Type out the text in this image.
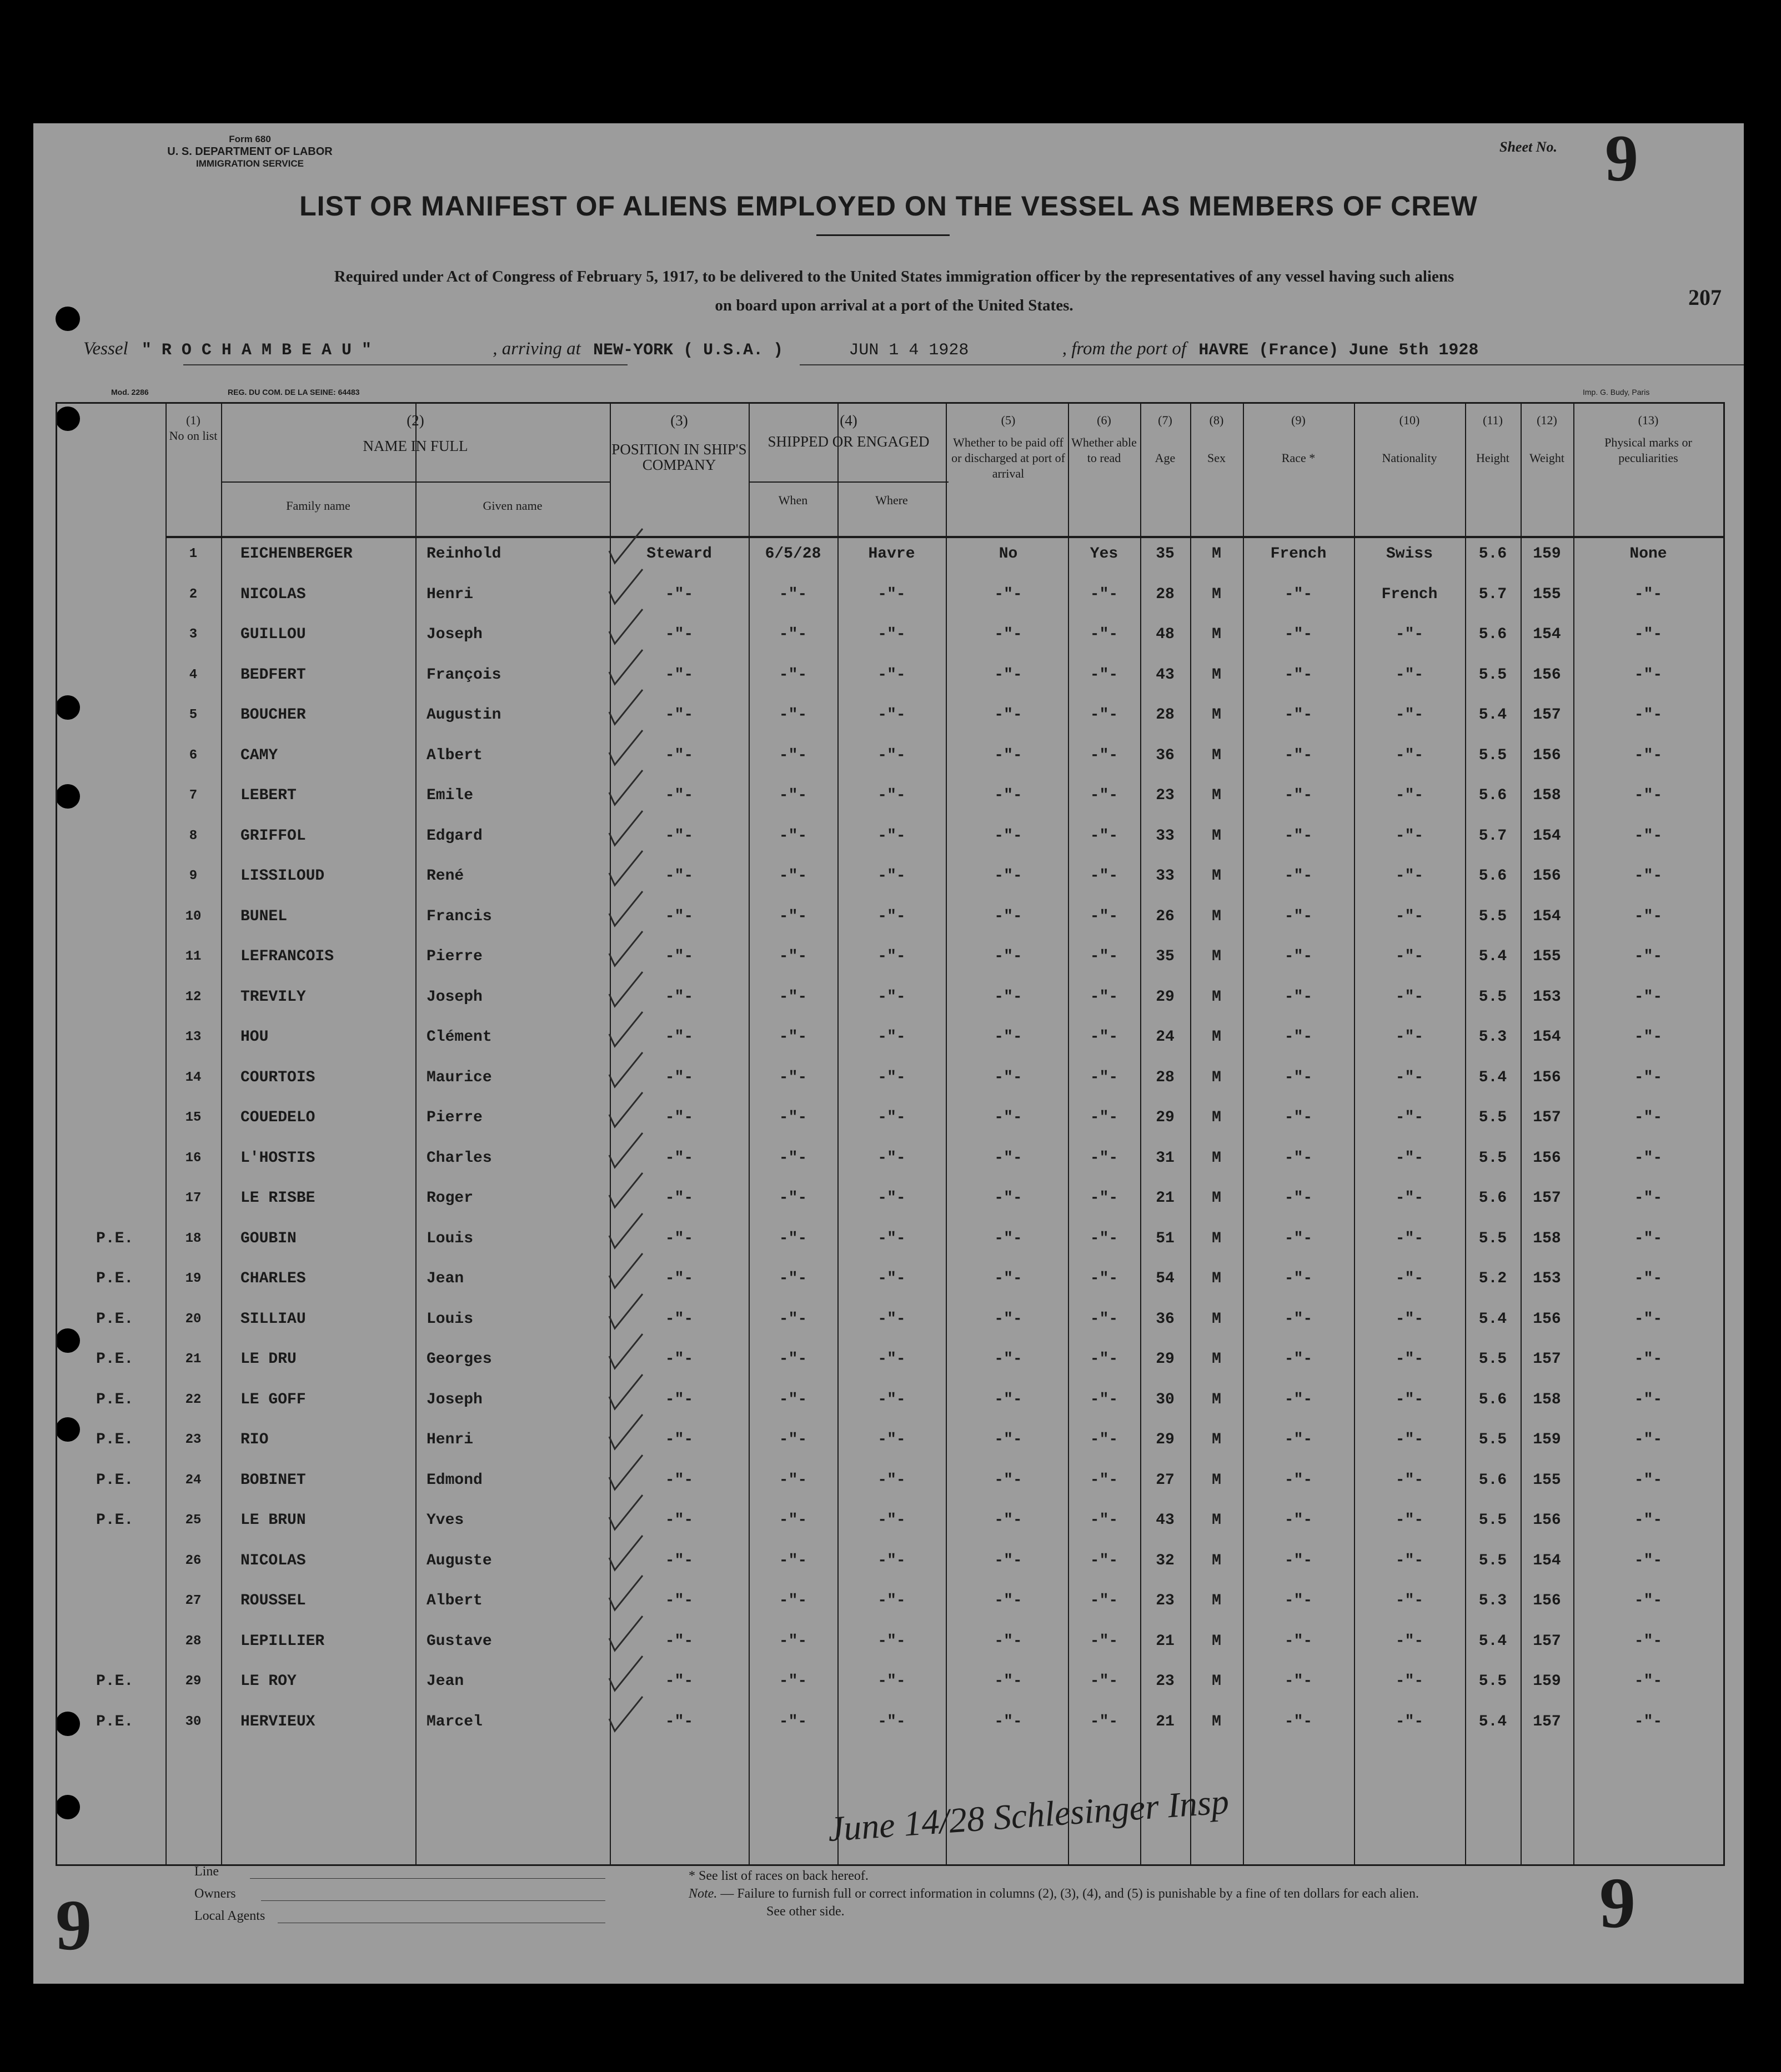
Form 680
U. S. DEPARTMENT OF LABOR
IMMIGRATION SERVICE
Sheet No. 9
LIST OR MANIFEST OF ALIENS EMPLOYED ON THE VESSEL AS MEMBERS OF CREW
Required under Act of Congress of February 5, 1917, to be delivered to the United States immigration officer by the representatives of any vessel having such aliens
on board upon arrival at a port of the United States.	207
Vessel " R O C H A M B E A U "	, arriving at NEW-YORK ( U.S.A. )	JUN 1 4 1928	, from the port of HAVRE (France) June 5th 1928
Mod. 2286	REG. DU COM. DE LA SEINE: 64483	Imp. G. Budy, Paris
(1)
No on list
(2)
NAME IN FULL
Family name	Given name
(3)
POSITION IN SHIP'S COMPANY
(4)
SHIPPED OR ENGAGED
When	Where
(5)
Whether to be paid off or discharged at port of arrival
(6)
Whether able to read
(7)
Age
(8)
Sex
(9)
Race *
(10)
Nationality
(11)
Height
(12)
Weight
(13)
Physical marks or peculiarities
1	EICHENBERGER	Reinhold	Steward	6/5/28	Havre	No	Yes	35	M	French	Swiss	5.6	159	None
2	NICOLAS	Henri	-"-	-"-	-"-	-"-	-"-	28	M	-"-	French	5.7	155	-"-
3	GUILLOU	Joseph	-"-	-"-	-"-	-"-	-"-	48	M	-"-	-"-	5.6	154	-"-
4	BEDFERT	François	-"-	-"-	-"-	-"-	-"-	43	M	-"-	-"-	5.5	156	-"-
5	BOUCHER	Augustin	-"-	-"-	-"-	-"-	-"-	28	M	-"-	-"-	5.4	157	-"-
6	CAMY	Albert	-"-	-"-	-"-	-"-	-"-	36	M	-"-	-"-	5.5	156	-"-
7	LEBERT	Emile	-"-	-"-	-"-	-"-	-"-	23	M	-"-	-"-	5.6	158	-"-
8	GRIFFOL	Edgard	-"-	-"-	-"-	-"-	-"-	33	M	-"-	-"-	5.7	154	-"-
9	LISSILOUD	René	-"-	-"-	-"-	-"-	-"-	33	M	-"-	-"-	5.6	156	-"-
10	BUNEL	Francis	-"-	-"-	-"-	-"-	-"-	26	M	-"-	-"-	5.5	154	-"-
11	LEFRANCOIS	Pierre	-"-	-"-	-"-	-"-	-"-	35	M	-"-	-"-	5.4	155	-"-
12	TREVILY	Joseph	-"-	-"-	-"-	-"-	-"-	29	M	-"-	-"-	5.5	153	-"-
13	HOU	Clément	-"-	-"-	-"-	-"-	-"-	24	M	-"-	-"-	5.3	154	-"-
14	COURTOIS	Maurice	-"-	-"-	-"-	-"-	-"-	28	M	-"-	-"-	5.4	156	-"-
15	COUEDELO	Pierre	-"-	-"-	-"-	-"-	-"-	29	M	-"-	-"-	5.5	157	-"-
16	L'HOSTIS	Charles	-"-	-"-	-"-	-"-	-"-	31	M	-"-	-"-	5.5	156	-"-
17	LE RISBE	Roger	-"-	-"-	-"-	-"-	-"-	21	M	-"-	-"-	5.6	157	-"-
P.E.	18	GOUBIN	Louis	-"-	-"-	-"-	-"-	-"-	51	M	-"-	-"-	5.5	158	-"-
P.E.	19	CHARLES	Jean	-"-	-"-	-"-	-"-	-"-	54	M	-"-	-"-	5.2	153	-"-
P.E.	20	SILLIAU	Louis	-"-	-"-	-"-	-"-	-"-	36	M	-"-	-"-	5.4	156	-"-
P.E.	21	LE DRU	Georges	-"-	-"-	-"-	-"-	-"-	29	M	-"-	-"-	5.5	157	-"-
P.E.	22	LE GOFF	Joseph	-"-	-"-	-"-	-"-	-"-	30	M	-"-	-"-	5.6	158	-"-
P.E.	23	RIO	Henri	-"-	-"-	-"-	-"-	-"-	29	M	-"-	-"-	5.5	159	-"-
P.E.	24	BOBINET	Edmond	-"-	-"-	-"-	-"-	-"-	27	M	-"-	-"-	5.6	155	-"-
P.E.	25	LE BRUN	Yves	-"-	-"-	-"-	-"-	-"-	43	M	-"-	-"-	5.5	156	-"-
26	NICOLAS	Auguste	-"-	-"-	-"-	-"-	-"-	32	M	-"-	-"-	5.5	154	-"-
27	ROUSSEL	Albert	-"-	-"-	-"-	-"-	-"-	23	M	-"-	-"-	5.3	156	-"-
28	LEPILLIER	Gustave	-"-	-"-	-"-	-"-	-"-	21	M	-"-	-"-	5.4	157	-"-
P.E.	29	LE ROY	Jean	-"-	-"-	-"-	-"-	-"-	23	M	-"-	-"-	5.5	159	-"-
P.E.	30	HERVIEUX	Marcel	-"-	-"-	-"-	-"-	-"-	21	M	-"-	-"-	5.4	157	-"-
June 14/28 Schlesinger Insp
Line
Owners
Local Agents
* See list of races on back hereof.
Note. — Failure to furnish full or correct information in columns (2), (3), (4), and (5) is punishable by a fine of ten dollars for each alien.
See other side.
9	9
